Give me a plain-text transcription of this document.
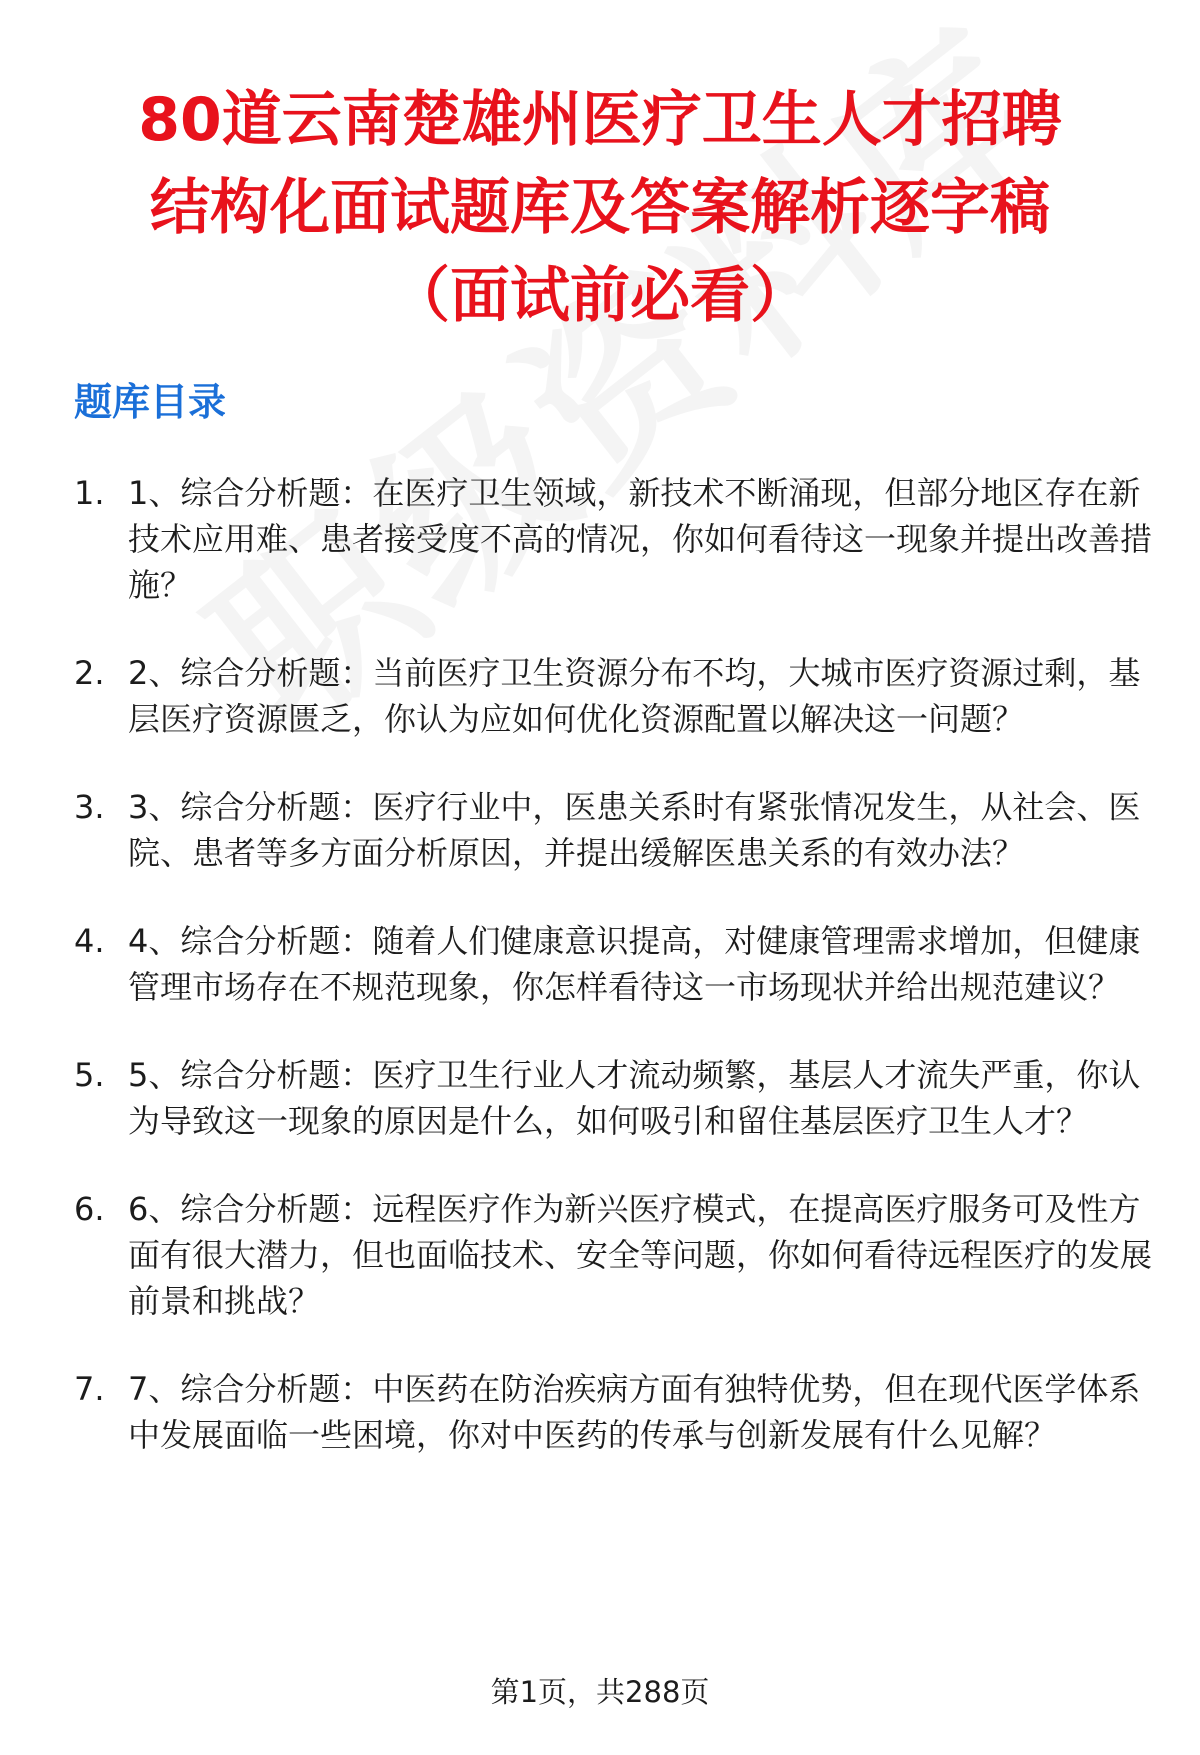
80道云南楚雄州医疗卫生人才招聘
结构化面试题库及答案解析逐字稿
（面试前必看）
题库目录
1. 1、综合分析题：在医疗卫生领域，新技术不断涌现，但部分地区存在新技术应用难、患者接受度不高的情况，你如何看待这一现象并提出改善措施？
2. 2、综合分析题：当前医疗卫生资源分布不均，大城市医疗资源过剩，基层医疗资源匮乏，你认为应如何优化资源配置以解决这一问题？
3. 3、综合分析题：医疗行业中，医患关系时有紧张情况发生，从社会、医院、患者等多方面分析原因，并提出缓解医患关系的有效办法？
4. 4、综合分析题：随着人们健康意识提高，对健康管理需求增加，但健康管理市场存在不规范现象，你怎样看待这一市场现状并给出规范建议？
5. 5、综合分析题：医疗卫生行业人才流动频繁，基层人才流失严重，你认为导致这一现象的原因是什么，如何吸引和留住基层医疗卫生人才？
6. 6、综合分析题：远程医疗作为新兴医疗模式，在提高医疗服务可及性方面有很大潜力，但也面临技术、安全等问题，你如何看待远程医疗的发展前景和挑战？
7. 7、综合分析题：中医药在防治疾病方面有独特优势，但在现代医学体系中发展面临一些困境，你对中医药的传承与创新发展有什么见解？
第1页，共288页
